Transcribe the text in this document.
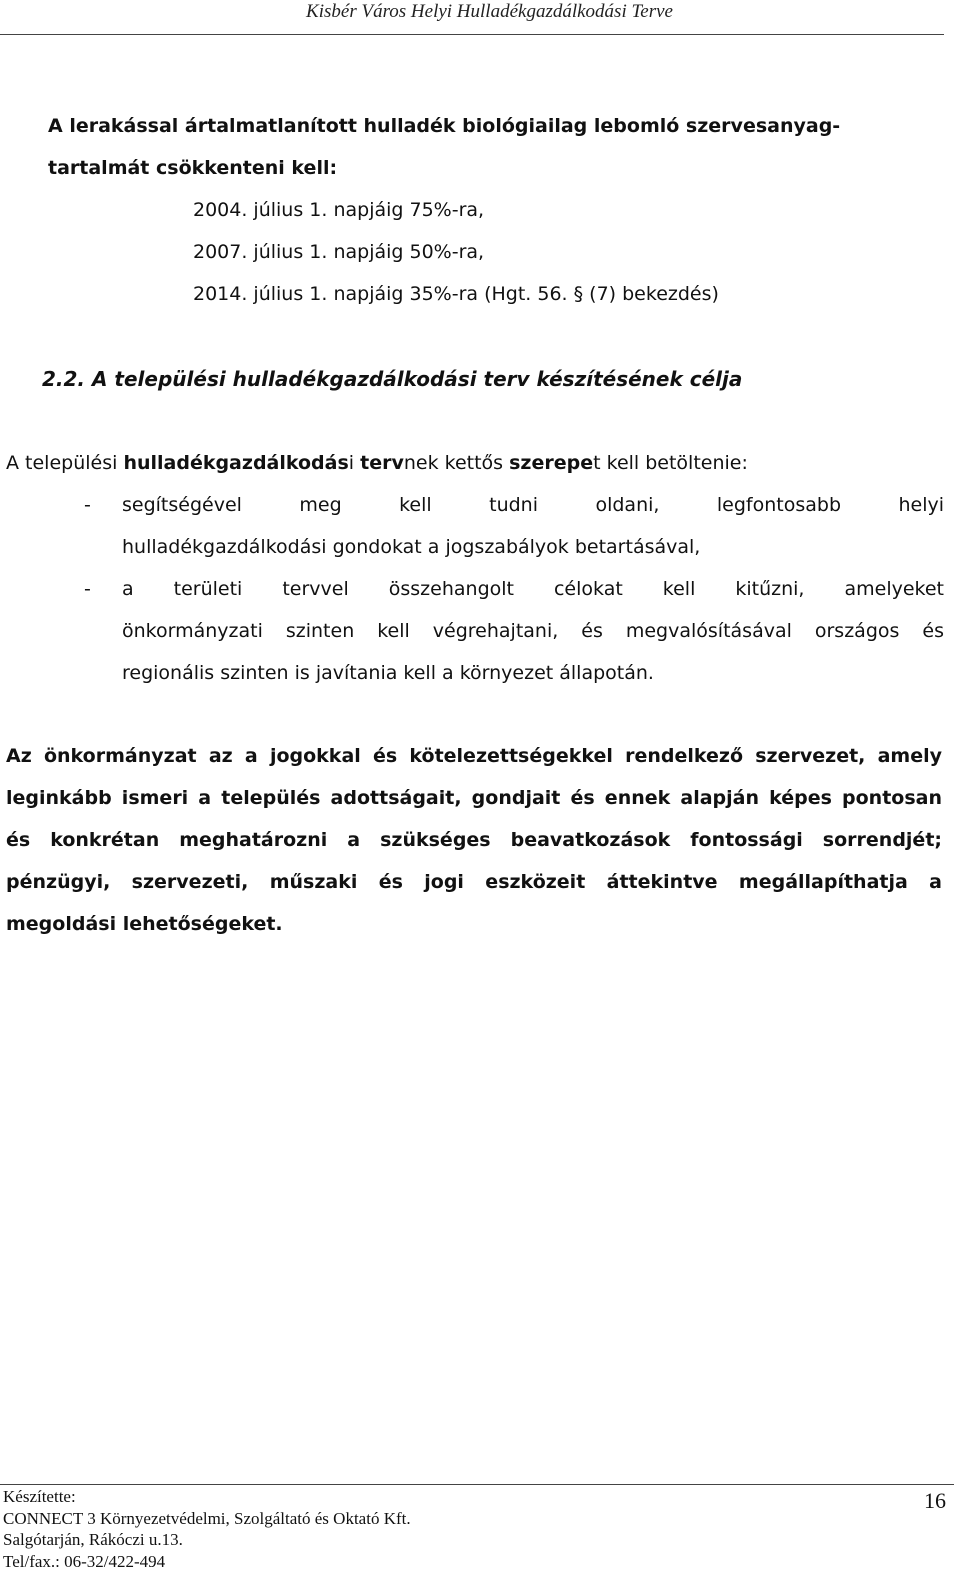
Kisbér Város Helyi Hulladékgazdálkodási Terve
A lerakással ártalmatlanított hulladék biológiailag lebomló szervesanyag-
tartalmát csökkenteni kell:
2004. július 1. napjáig 75%-ra,
2007. július 1. napjáig 50%-ra,
2014. július 1. napjáig 35%-ra (Hgt. 56. § (7) bekezdés)
2.2. A települési hulladékgazdálkodási terv készítésének célja
A települési hulladékgazdálkodási tervnek kettős szerepet kell betöltenie:
-	segítségével meg kell tudni oldani, legfontosabb helyi
hulladékgazdálkodási gondokat a jogszabályok betartásával,
-	a területi tervvel összehangolt célokat kell kitűzni, amelyeket
önkormányzati szinten kell végrehajtani, és megvalósításával országos és
regionális szinten is javítania kell a környezet állapotán.
Az önkormányzat az a jogokkal és kötelezettségekkel rendelkező szervezet, amely
leginkább ismeri a település adottságait, gondjait és ennek alapján képes pontosan
és konkrétan meghatározni a szükséges beavatkozások fontossági sorrendjét;
pénzügyi, szervezeti, műszaki és jogi eszközeit áttekintve megállapíthatja a
megoldási lehetőségeket.
Készítette:
CONNECT 3 Környezetvédelmi, Szolgáltató és Oktató Kft.
Salgótarján, Rákóczi u.13.
Tel/fax.: 06-32/422-494
16
